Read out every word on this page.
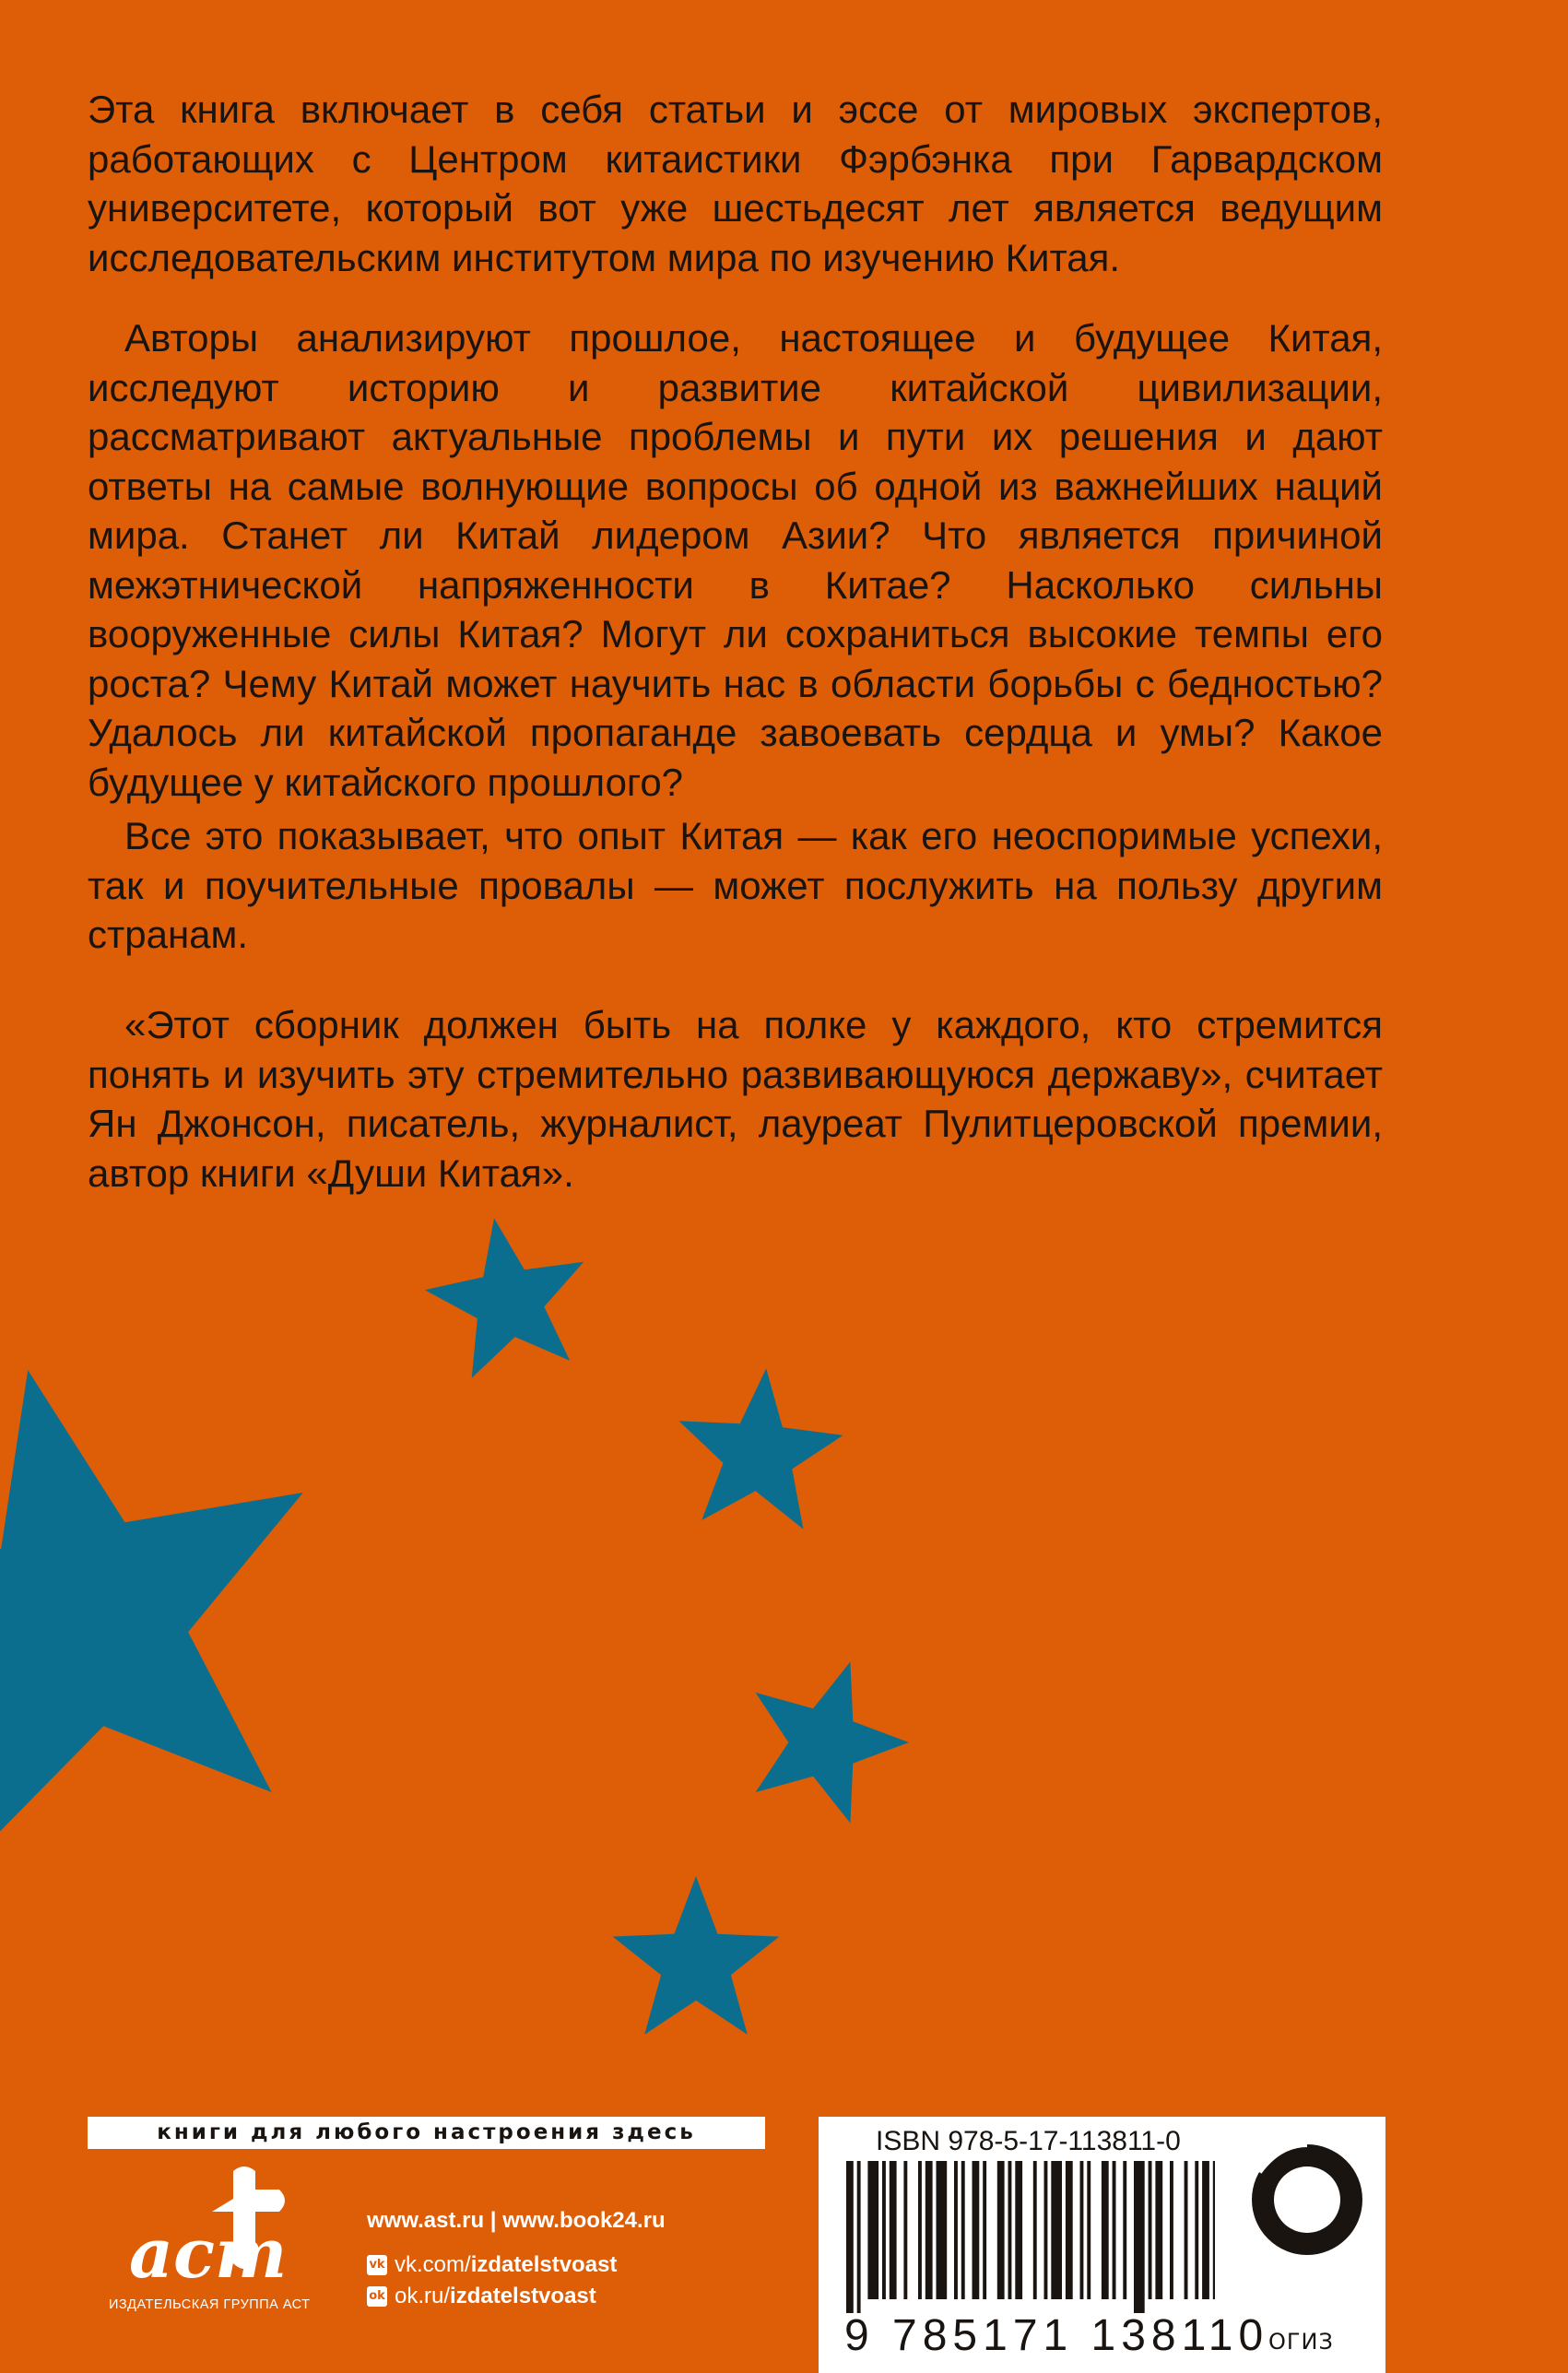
Эта книга включает в себя статьи и эссе от мировых экспертов, работающих с Центром китаистики Фэрбэнка при Гарвардском университете, который вот уже шестьдесят лет является ведущим исследовательским институтом мира по изучению Китая.

Авторы анализируют прошлое, настоящее и будущее Китая, исследуют историю и развитие китайской цивилизации, рассматривают актуальные проблемы и пути их решения и дают ответы на самые волнующие вопросы об одной из важнейших наций мира. Станет ли Китай лидером Азии? Что является причиной межэтнической напряженности в Китае? Насколько сильны вооруженные силы Китая? Могут ли сохраниться высокие темпы его роста? Чему Китай может научить нас в области борьбы с бедностью? Удалось ли китайской пропаганде завоевать сердца и умы? Какое будущее у китайского прошлого?

Все это показывает, что опыт Китая — как его неоспоримые успехи, так и поучительные провалы — может послужить на пользу другим странам.

«Этот сборник должен быть на полке у каждого, кто стремится понять и изучить эту стремительно развивающуюся державу», считает Ян Джонсон, писатель, журналист, лауреат Пулитцеровской премии, автор книги «Души Китая».

книги для любого настроения здесь
аст
ИЗДАТЕЛЬСКАЯ ГРУППА АСТ
www.ast.ru | www.book24.ru
vk vk.com/izdatelstvoast
ok ok.ru/izdatelstvoast
ISBN 978-5-17-113811-0
9 785171 138110 ОГИЗ
